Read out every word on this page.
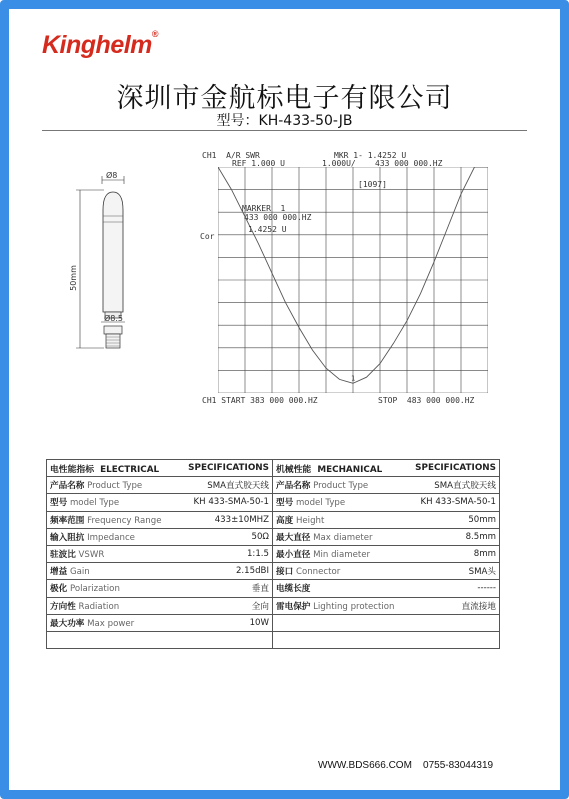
Kinghelm®
深圳市金航标电子有限公司
型号：KH-433-50-JB
Ø8
50mm
Ø8.5
CH1  A/R SWR
REF 1.000 U
MKR 1- 1.4252 U
1.000U/ 433 000 000.HZ
[1097]
MARKER  1
433 000 000.HZ
1.4252 U
Cor
CH1 START 383 000 000.HZ	STOP  483 000 000.HZ
1
电性能指标 ELECTRICAL SPECIFICATIONS	机械性能 MECHANICAL SPECIFICATIONS

产品名称 Product Type SMA直式胶天线	产品名称 Product Type SMA直式胶天线

型号 model Type KH 433-SMA-50-1	型号 model Type KH 433-SMA-50-1

频率范围 Frequency Range 433±10MHZ	高度 Height 50mm

输入阻抗 Impedance 50Ω	最大直径 Max diameter 8.5mm

驻波比 VSWR 1:1.5	最小直径 Min diameter 8mm

增益 Gain 2.15dBI	接口 Connector SMA头

极化 Polarization 垂直	电缆长度 ------

方向性 Radiation 全向	雷电保护 Lighting protection 直流接地

最大功率 Max power 10W	

WWW.BDS666.COM 0755-83044319
